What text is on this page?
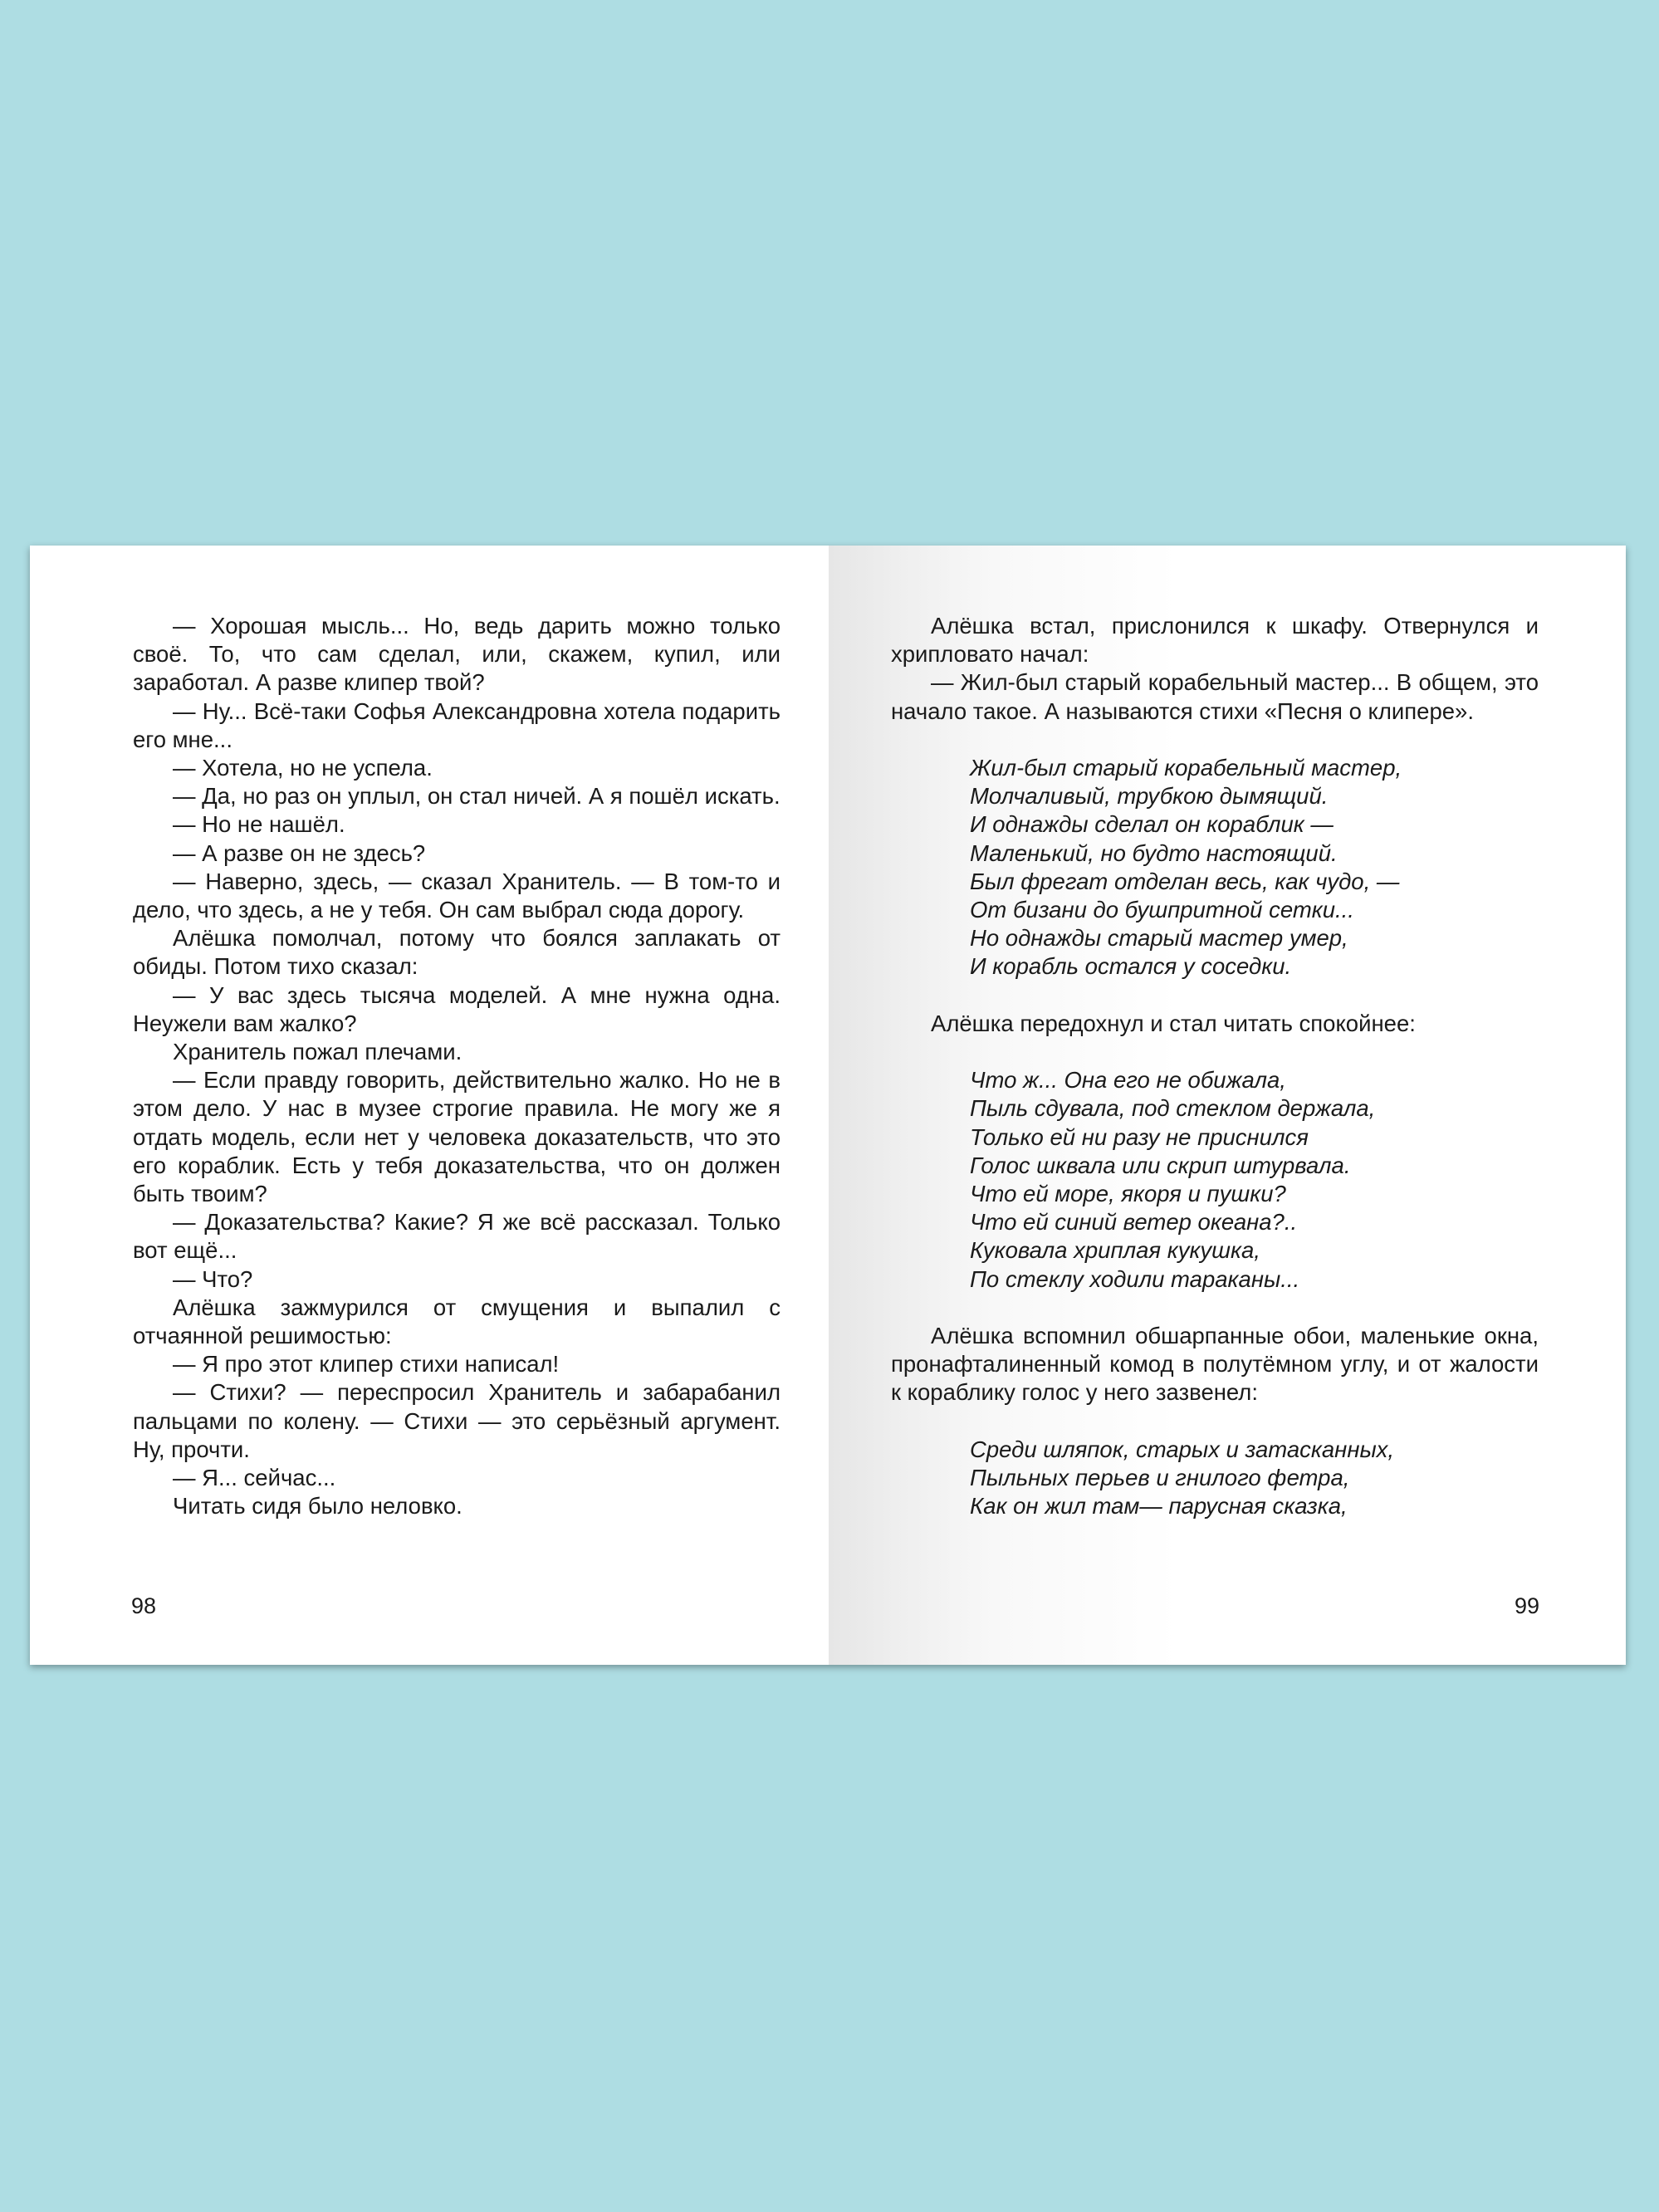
— Хорошая мысль... Но, ведь дарить можно только своё. То, что сам сделал, или, скажем, купил, или заработал. А разве клипер твой?

— Ну... Всё-таки Софья Александровна хотела подарить его мне...

— Хотела, но не успела.

— Да, но раз он уплыл, он стал ничей. А я пошёл искать.

— Но не нашёл.

— А разве он не здесь?

— Наверно, здесь, — сказал Хранитель. — В том-то и дело, что здесь, а не у тебя. Он сам выбрал сюда дорогу.

Алёшка помолчал, потому что боялся заплакать от обиды. Потом тихо сказал:

— У вас здесь тысяча моделей. А мне нужна одна. Неужели вам жалко?

Хранитель пожал плечами.

— Если правду говорить, действительно жалко. Но не в этом дело. У нас в музее строгие правила. Не могу же я отдать модель, если нет у человека доказательств, что это его кораблик. Есть у тебя доказательства, что он должен быть твоим?

— Доказательства? Какие? Я же всё рассказал. Только вот ещё...

— Что?

Алёшка зажмурился от смущения и выпалил с отчаянной решимостью:

— Я про этот клипер стихи написал!

— Стихи? — переспросил Хранитель и забарабанил пальцами по колену. — Стихи — это серьёзный аргумент. Ну, прочти.

— Я... сейчас...

Читать сидя было неловко.

98

Алёшка встал, прислонился к шкафу. Отвернулся и хрипловато начал:

— Жил-был старый корабельный мастер... В общем, это начало такое. А называются стихи «Песня о клипере».

Жил-был старый корабельный мастер,
Молчаливый, трубкою дымящий.
И однажды сделал он кораблик —
Маленький, но будто настоящий.
Был фрегат отделан весь, как чудо, —
От бизани до бушпритной сетки...
Но однажды старый мастер умер,
И корабль остался у соседки.

Алёшка передохнул и стал читать спокойнее:

Что ж... Она его не обижала,
Пыль сдувала, под стеклом держала,
Только ей ни разу не приснился
Голос шквала или скрип штурвала.
Что ей море, якоря и пушки?
Что ей синий ветер океана?..
Куковала хриплая кукушка,
По стеклу ходили тараканы...

Алёшка вспомнил обшарпанные обои, маленькие окна, пронафталиненный комод в полутёмном углу, и от жалости к кораблику голос у него зазвенел:

Среди шляпок, старых и затасканных,
Пыльных перьев и гнилого фетра,
Как он жил там— парусная сказка,
99
